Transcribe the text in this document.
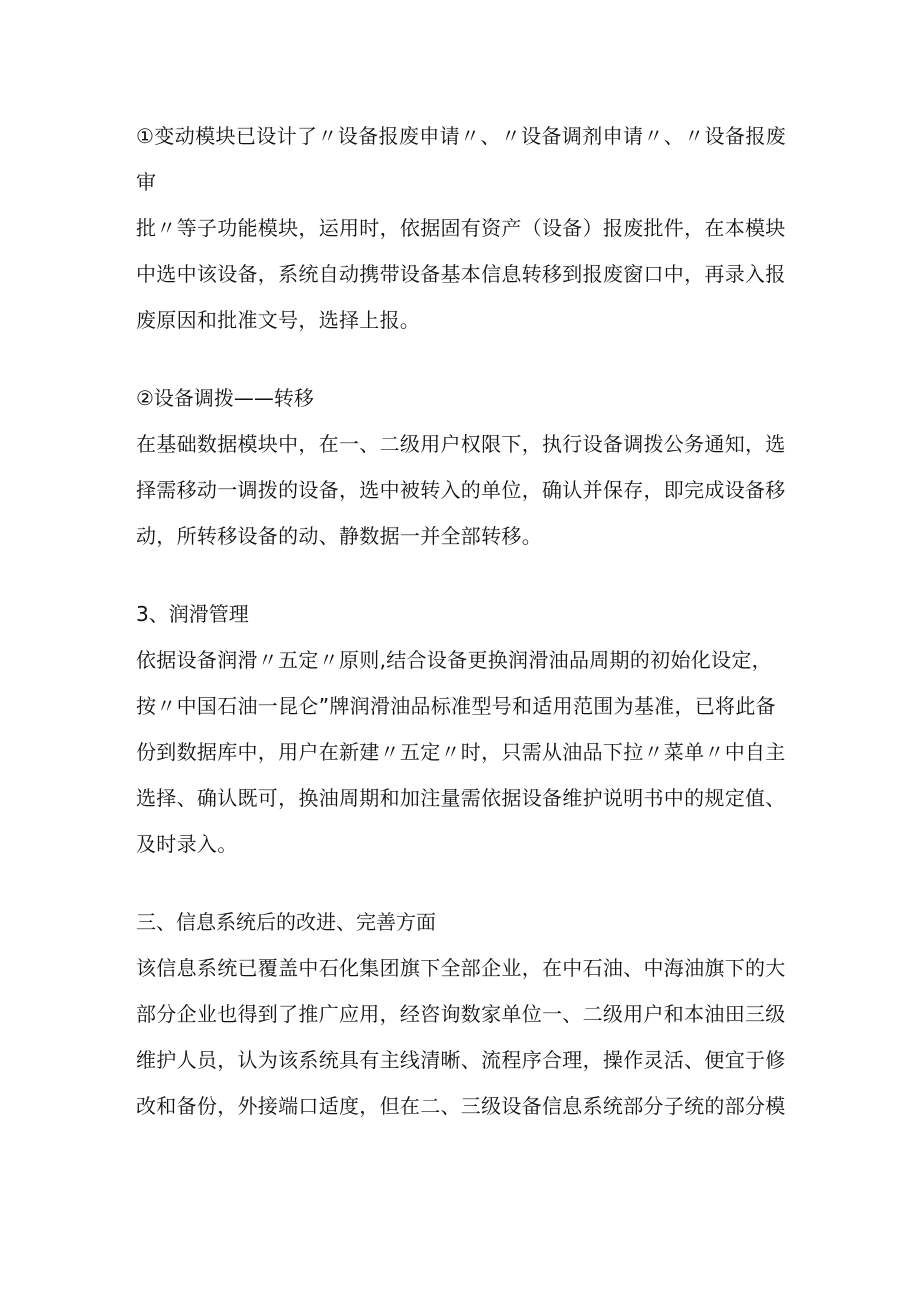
①变动模块已设计了〃设备报废申请〃、〃设备调剂申请〃、〃设备报废审
批〃等子功能模块，运用时，依据固有资产（设备）报废批件，在本模块
中选中该设备，系统自动携带设备基本信息转移到报废窗口中，再录入报
废原因和批准文号，选择上报。
②设备调拨——转移
在基础数据模块中，在一、二级用户权限下，执行设备调拨公务通知，选
择需移动一调拨的设备，选中被转入的单位，确认并保存，即完成设备移
动，所转移设备的动、静数据一并全部转移。
3、润滑管理
依据设备润滑〃五定〃原则,结合设备更换润滑油品周期的初始化设定，
按〃中国石油一昆仑”牌润滑油品标准型号和适用范围为基准，已将此备
份到数据库中，用户在新建〃五定〃时，只需从油品下拉〃菜单〃中自主
选择、确认既可，换油周期和加注量需依据设备维护说明书中的规定值、
及时录入。
三、信息系统后的改进、完善方面
该信息系统已覆盖中石化集团旗下全部企业，在中石油、中海油旗下的大
部分企业也得到了推广应用，经咨询数家单位一、二级用户和本油田三级
维护人员，认为该系统具有主线清晰、流程序合理，操作灵活、便宜于修
改和备份，外接端口适度，但在二、三级设备信息系统部分子统的部分模
